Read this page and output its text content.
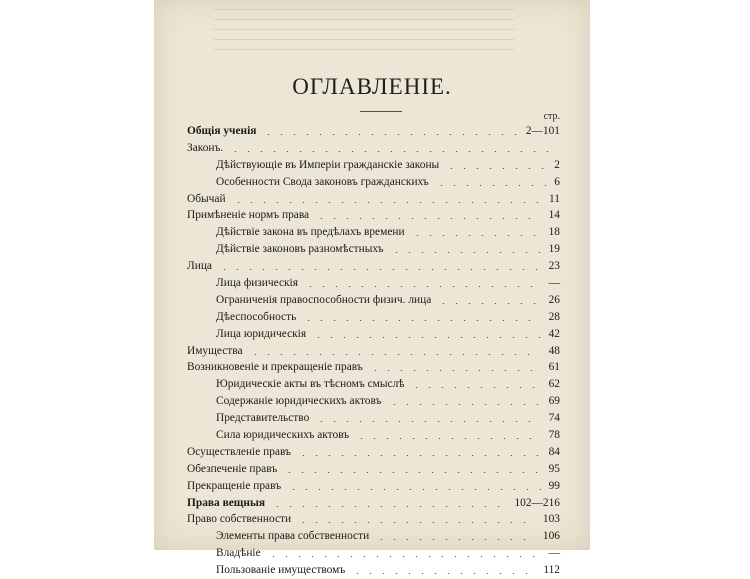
ОГЛАВЛЕНІЕ.
стр.
Общія ученія	2—101
Законъ.
Дѣйствующіе въ Имперіи гражданскіе законы	2
Особенности Свода законовъ гражданскихъ	6
Обычай	11
Примѣненіе нормъ права	14
Дѣйствіе закона въ предѣлахъ времени	18
Дѣйствіе законовъ разномѣстныхъ	19
Лица	23
Лица физическія	—
Ограниченія правоспособности физич. лица	26
Дѣеспособность	28
Лица юридическія	42
Имущества	48
Возникновеніе и прекращеніе правъ	61
Юридическіе акты въ тѣсномъ смыслѣ	62
Содержаніе юридическихъ актовъ	69
Представительство	74
Сила юридическихъ актовъ	78
Осуществленіе правъ	84
Обезпеченіе правъ	95
Прекращеніе правъ	99
Права вещныя	102—216
Право собственности	103
Элементы права собственности	106
Владѣніе	—
Пользованіе имуществомъ	112
